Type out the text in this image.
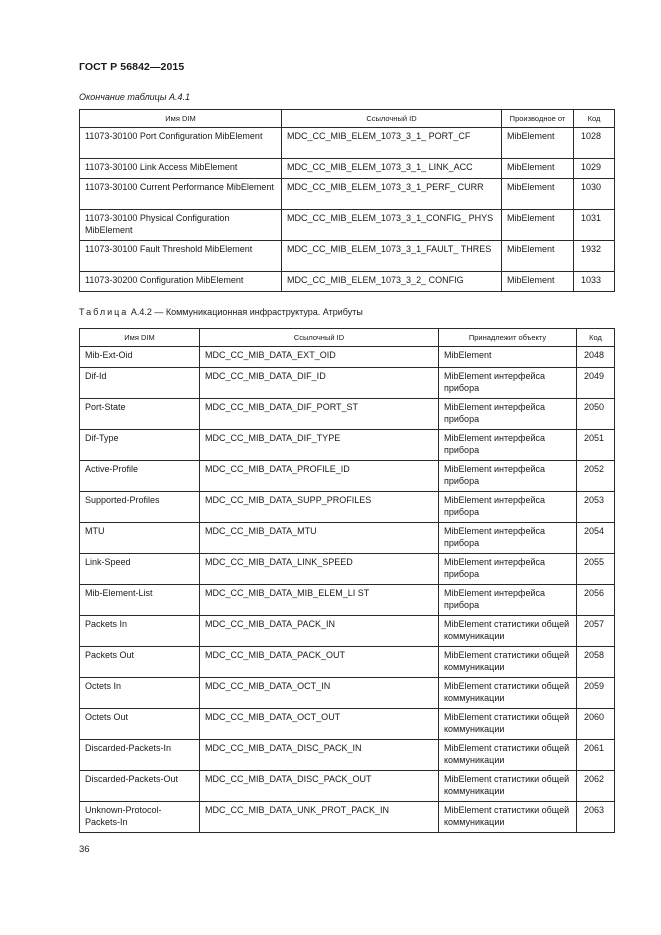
ГОСТ Р 56842—2015
Окончание таблицы А.4.1
Имя DIM	Ссылочный ID	Производное от	Код
11073-30100 Port Configuration MibElement	MDC_CC_MIB_ELEM_1073_3_1_ PORT_CF	MibElement	1028
11073-30100 Link Access MibElement	MDC_CC_MIB_ELEM_1073_3_1_ LINK_ACC	MibElement	1029
11073-30100 Current Performance MibElement	MDC_CC_MIB_ELEM_1073_3_1_PERF_ CURR	MibElement	1030
11073-30100 Physical Configuration MibElement	MDC_CC_MIB_ELEM_1073_3_1_CONFIG_ PHYS	MibElement	1031
11073-30100 Fault Threshold MibElement	MDC_CC_MIB_ELEM_1073_3_1_FAULT_ THRES	MibElement	1932
11073-30200 Configuration MibElement	MDC_CC_MIB_ELEM_1073_3_2_ CONFIG	MibElement	1033
Таблица А.4.2 — Коммуникационная инфраструктура. Атрибуты
Имя DIM	Ссылочный ID	Принадлежит объекту	Код
Mib-Ext-Oid	MDC_CC_MIB_DATA_EXT_OID	MibElement	2048
Dif-Id	MDC_CC_MIB_DATA_DIF_ID	MibElement интерфейса прибора	2049
Port-State	MDC_CC_MIB_DATA_DIF_PORT_ST	MibElement интерфейса прибора	2050
Dif-Type	MDC_CC_MIB_DATA_DIF_TYPE	MibElement интерфейса прибора	2051
Active-Profile	MDC_CC_MIB_DATA_PROFILE_ID	MibElement интерфейса прибора	2052
Supported-Profiles	MDC_CC_MIB_DATA_SUPP_PROFILES	MibElement интерфейса прибора	2053
MTU	MDC_CC_MIB_DATA_MTU	MibElement интерфейса прибора	2054
Link-Speed	MDC_CC_MIB_DATA_LINK_SPEED	MibElement интерфейса прибора	2055
Mib-Element-List	MDC_CC_MIB_DATA_MIB_ELEM_LI ST	MibElement интерфейса прибора	2056
Packets In	MDC_CC_MIB_DATA_PACK_IN	MibElement статистики общей коммуникации	2057
Packets Out	MDC_CC_MIB_DATA_PACK_OUT	MibElement статистики общей коммуникации	2058
Octets In	MDC_CC_MIB_DATA_OCT_IN	MibElement статистики общей коммуникации	2059
Octets Out	MDC_CC_MIB_DATA_OCT_OUT	MibElement статистики общей коммуникации	2060
Discarded-Packets-In	MDC_CC_MIB_DATA_DISC_PACK_IN	MibElement статистики общей коммуникации	2061
Discarded-Packets-Out	MDC_CC_MIB_DATA_DISC_PACK_OUT	MibElement статистики общей коммуникации	2062
Unknown-Protocol-Packets-In	MDC_CC_MIB_DATA_UNK_PROT_PACK_IN	MibElement статистики общей коммуникации	2063
36
